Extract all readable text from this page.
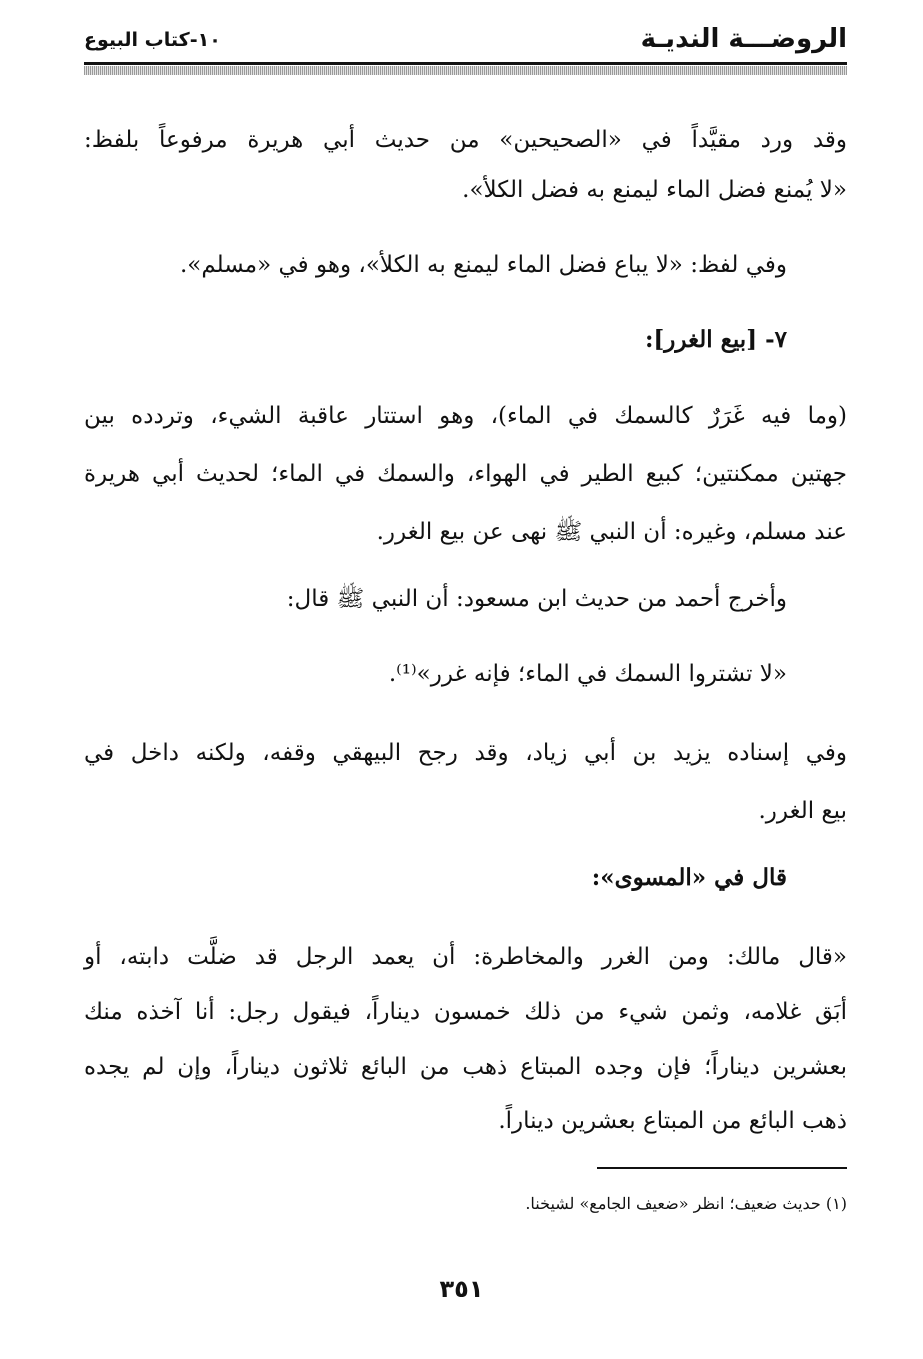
الروضـــة النديـة
١٠-كتاب البيوع
وقد ورد مقيَّداً في «الصحيحين» من حديث أبي هريرة مرفوعاً بلفظ:
«لا يُمنع فضل الماء ليمنع به فضل الكلأ».
وفي لفظ: «لا يباع فضل الماء ليمنع به الكلأ»، وهو في «مسلم».
٧- [بيع الغرر]:
(وما فيه غَرَرٌ كالسمك في الماء)، وهو استتار عاقبة الشيء، وتردده بين
جهتين ممكنتين؛ كبيع الطير في الهواء، والسمك في الماء؛ لحديث أبي هريرة
عند مسلم، وغيره: أن النبي ﷺ نهى عن بيع الغرر.
وأخرج أحمد من حديث ابن مسعود: أن النبي ﷺ قال:
«لا تشتروا السمك في الماء؛ فإنه غرر»⁽¹⁾.
وفي إسناده يزيد بن أبي زياد، وقد رجح البيهقي وقفه، ولكنه داخل في
بيع الغرر.
قال في «المسوى»:
«قال مالك: ومن الغرر والمخاطرة: أن يعمد الرجل قد ضلَّت دابته، أو
أبَق غلامه، وثمن شيء من ذلك خمسون ديناراً، فيقول رجل: أنا آخذه منك
بعشرين ديناراً؛ فإن وجده المبتاع ذهب من البائع ثلاثون ديناراً، وإن لم يجده
ذهب البائع من المبتاع بعشرين ديناراً.
(١) حديث ضعيف؛ انظر «ضعيف الجامع» لشيخنا.
٣٥١
